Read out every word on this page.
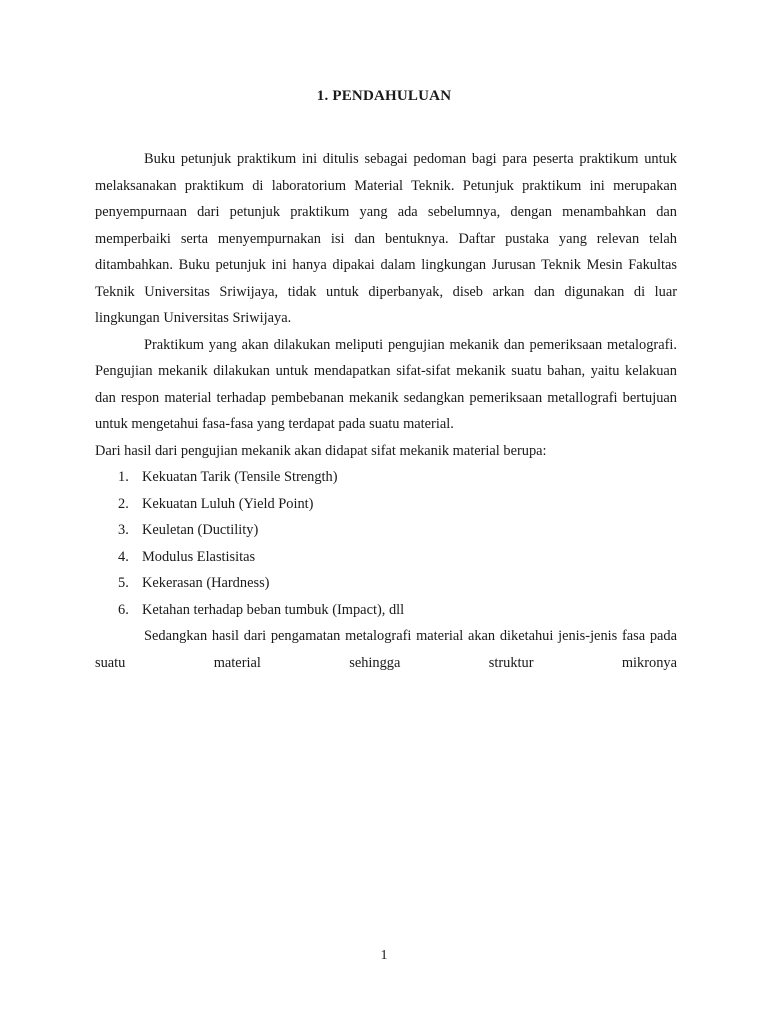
1. PENDAHULUAN

Buku petunjuk praktikum ini ditulis sebagai pedoman bagi para peserta praktikum untuk melaksanakan praktikum di laboratorium Material Teknik. Petunjuk praktikum ini merupakan penyempurnaan dari petunjuk praktikum yang ada sebelumnya, dengan menambahkan dan memperbaiki serta menyempurnakan isi dan bentuknya. Daftar pustaka yang relevan telah ditambahkan. Buku petunjuk ini hanya dipakai dalam lingkungan Jurusan Teknik Mesin Fakultas Teknik Universitas Sriwijaya, tidak untuk diperbanyak, diseb arkan dan digunakan di luar lingkungan Universitas Sriwijaya.

Praktikum yang akan dilakukan meliputi pengujian mekanik dan pemeriksaan metalografi. Pengujian mekanik dilakukan untuk mendapatkan sifat-sifat mekanik suatu bahan, yaitu kelakuan dan respon material terhadap pembebanan mekanik sedangkan pemeriksaan metallografi bertujuan untuk mengetahui fasa-fasa yang terdapat pada suatu material.

Dari hasil dari pengujian mekanik akan didapat sifat mekanik material berupa:

1. Kekuatan Tarik (Tensile Strength)
2. Kekuatan Luluh (Yield Point)
3. Keuletan (Ductility)
4. Modulus Elastisitas
5. Kekerasan (Hardness)
6. Ketahan terhadap beban tumbuk (Impact), dll

Sedangkan hasil dari pengamatan metalografi material akan diketahui jenis-jenis fasa pada suatu material sehingga struktur mikronya

1
